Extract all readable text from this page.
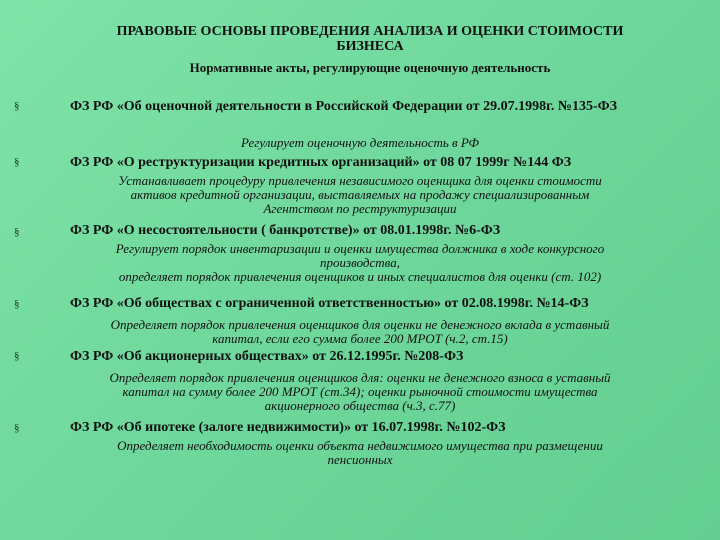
ПРАВОВЫЕ ОСНОВЫ ПРОВЕДЕНИЯ АНАЛИЗА И ОЦЕНКИ СТОИМОСТИ
БИЗНЕСА
Нормативные акты, регулирующие оценочную деятельность
§	ФЗ РФ «Об оценочной деятельности в Российской Федерации от 29.07.1998г. №135-ФЗ
Регулирует оценочную деятельность в РФ
§	ФЗ РФ «О реструктуризации кредитных организаций» от 08 07 1999г №144 ФЗ
Устанавливает процедуру привлечения независимого оценщика для оценки стоимости
активов кредитной организации, выставляемых на продажу специализированным
Агентством по реструктуризации
§	ФЗ РФ «О несостоятельности ( банкротстве)» от 08.01.1998г. №6-ФЗ
Регулирует порядок инвентаризации и оценки имущества должника в ходе конкурсного
производства,
определяет порядок привлечения оценщиков и иных специалистов для оценки (ст. 102)
§	ФЗ РФ «Об обществах с ограниченной ответственностью» от 02.08.1998г. №14-ФЗ
Определяет порядок привлечения оценщиков для оценки не денежного вклада в уставный
капитал, если его сумма более 200 МРОТ (ч.2, ст.15)
§	ФЗ РФ «Об акционерных обществах» от 26.12.1995г. №208-ФЗ
Определяет порядок привлечения оценщиков для: оценки не денежного взноса в уставный
капитал на сумму более 200 МРОТ (ст.34); оценки рыночной стоимости имущества
акционерного общества (ч.3, с.77)
§	ФЗ РФ «Об ипотеке (залоге недвижимости)» от 16.07.1998г. №102-ФЗ
Определяет необходимость оценки объекта недвижимого имущества при размещении
пенсионных
